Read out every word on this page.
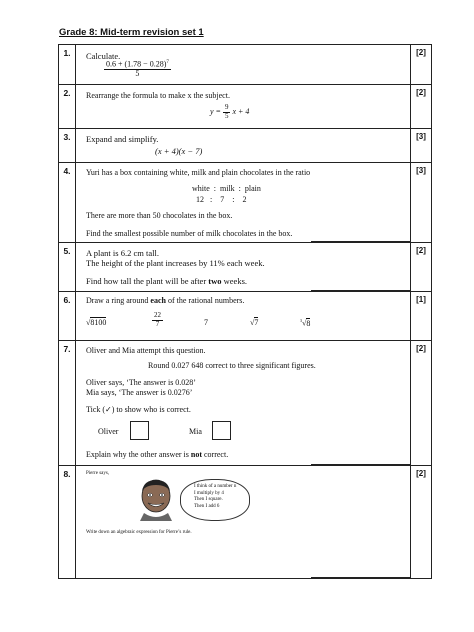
Grade 8: Mid-term revision set 1
1.	Calculate.
$\frac{0.6 + (1.78 - 0.28)^7}{5}$
[2]
2.	Rearrange the formula to make x the subject.
$y = \frac{9}{5}$ x + 4
[2]
3.	Expand and simplify.
(x + 4)(x − 7)
[3]
4.	Yuri has a box containing white, milk and plain chocolates in the ratio
white  :  milk  :  plain
12   :    7    :    2
There are more than 50 chocolates in the box.
Find the smallest possible number of milk chocolates in the box.
[3]
5.	A plant is 6.2 cm tall.
The height of the plant increases by 11% each week.
Find how tall the plant will be after two weeks.
[2]
6.	Draw a ring around each of the rational numbers.
√8100	$\frac{22}{7}$	7	√7	$^3$√8
[1]
7.	Oliver and Mia attempt this question.
Round 0.027 648 correct to three significant figures.
Oliver says, ‘The answer is 0.028’
Mia says, ‘The answer is 0.0276’
Tick (✓) to show who is correct.
Oliver	Mia
Explain why the other answer is not correct.
[2]
8.	Pierre says,
I think of a number n
I multiply by 4
Then I square.
Then I add 6
Write down an algebraic expression for Pierre’s rule.
[2]
